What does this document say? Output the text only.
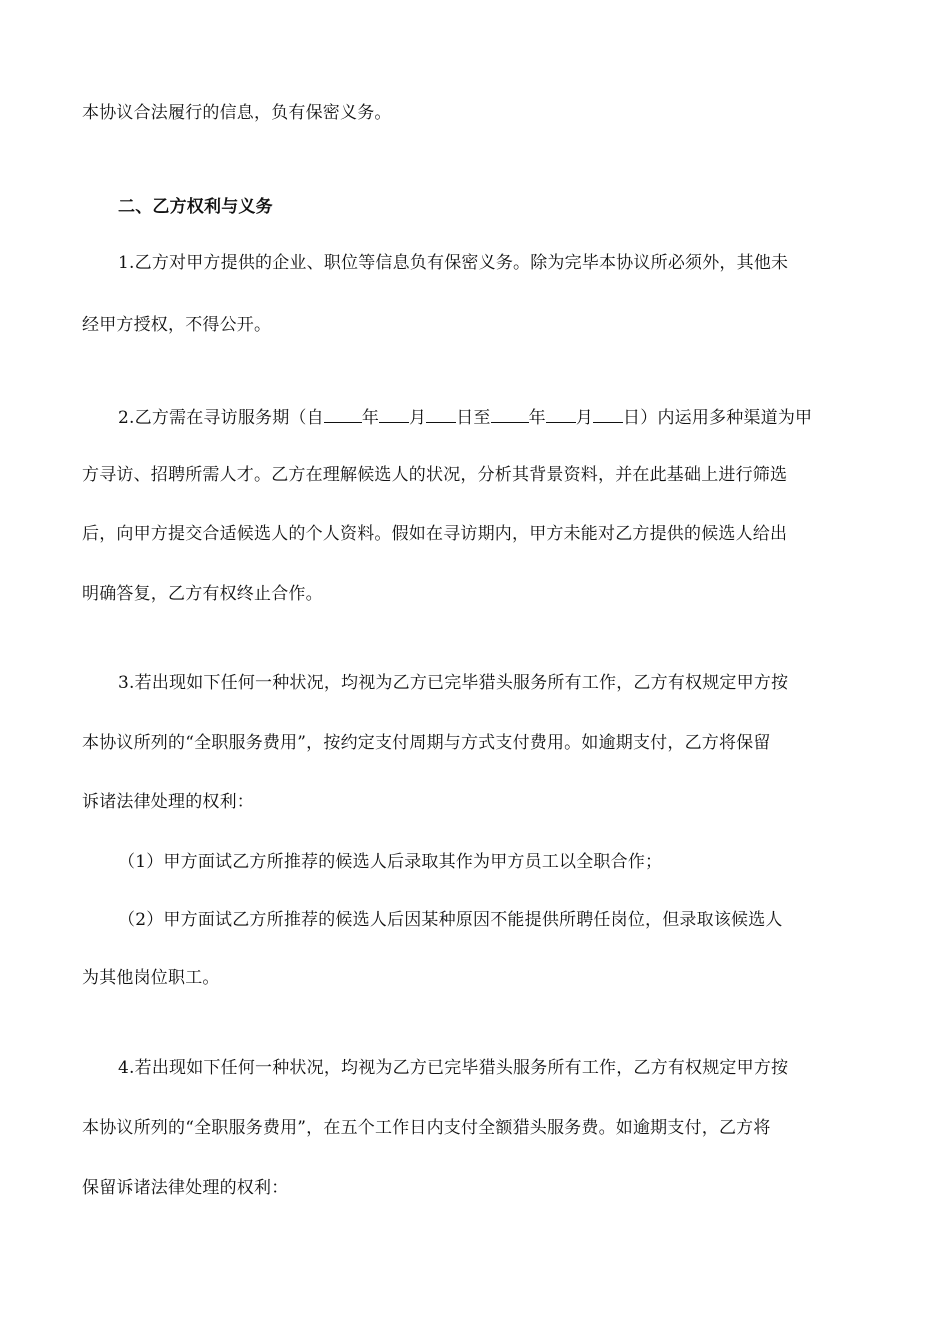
本协议合法履行的信息，负有保密义务。
二、乙方权利与义务
1.乙方对甲方提供的企业、职位等信息负有保密义务。除为完毕本协议所必须外，其他未
经甲方授权，不得公开。
2.乙方需在寻访服务期（自 年 月 日至 年 月 日）内运用多种渠道为甲
方寻访、招聘所需人才。乙方在理解候选人的状况，分析其背景资料，并在此基础上进行筛选
后，向甲方提交合适候选人的个人资料。假如在寻访期内，甲方未能对乙方提供的候选人给出
明确答复，乙方有权终止合作。
3.若出现如下任何一种状况，均视为乙方已完毕猎头服务所有工作，乙方有权规定甲方按
本协议所列的“全职服务费用”，按约定支付周期与方式支付费用。如逾期支付，乙方将保留
诉诸法律处理的权利：
（1）甲方面试乙方所推荐的候选人后录取其作为甲方员工以全职合作；
（2）甲方面试乙方所推荐的候选人后因某种原因不能提供所聘任岗位，但录取该候选人
为其他岗位职工。
4.若出现如下任何一种状况，均视为乙方已完毕猎头服务所有工作，乙方有权规定甲方按
本协议所列的“全职服务费用”，在五个工作日内支付全额猎头服务费。如逾期支付，乙方将
保留诉诸法律处理的权利：
